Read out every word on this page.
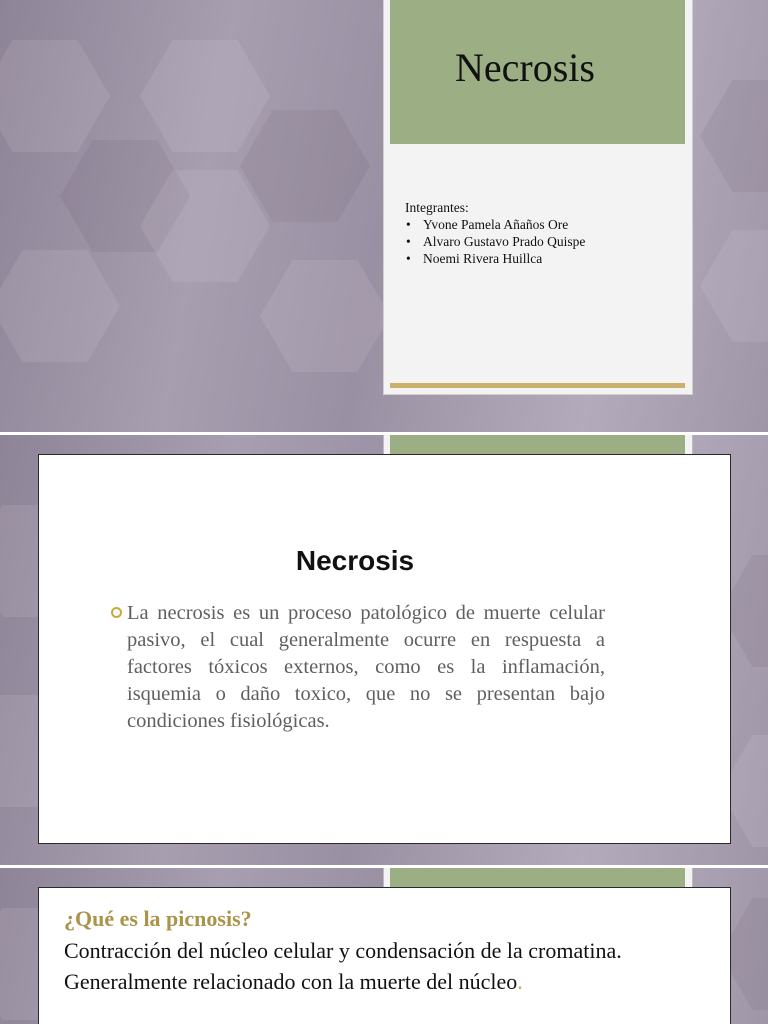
Necrosis
Integrantes:
• Yvone Pamela Añaños Ore
• Alvaro Gustavo Prado Quispe
• Noemi Rivera Huillca
Necrosis
La necrosis es un proceso patológico de muerte celular pasivo, el cual generalmente ocurre en respuesta a factores tóxicos externos, como es la inflamación, isquemia o daño toxico, que no se presentan bajo condiciones fisiológicas.
¿Qué es la picnosis?
Contracción del núcleo celular y condensación de la cromatina. Generalmente relacionado con la muerte del núcleo.
